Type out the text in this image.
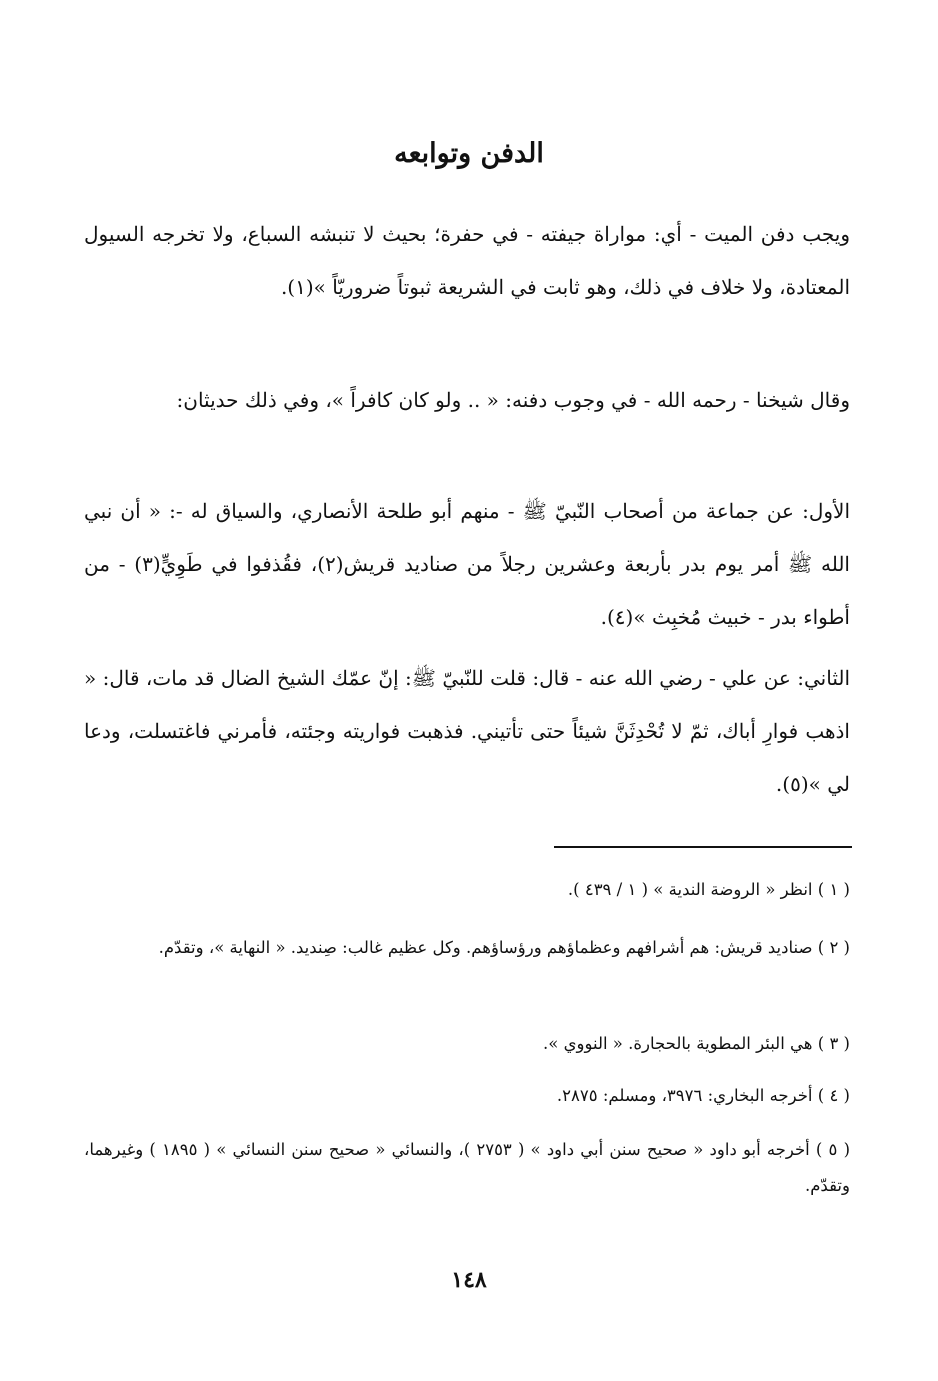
الدفن وتوابعه

ويجب دفن الميت - أي: مواراة جيفته - في حفرة؛ بحيث لا تنبشه السباع، ولا تخرجه السيول المعتادة، ولا خلاف في ذلك، وهو ثابت في الشريعة ثبوتاً ضروريّاً »(١).

وقال شيخنا - رحمه الله - في وجوب دفنه: « .. ولو كان كافراً »، وفي ذلك حديثان:

الأول: عن جماعة من أصحاب النّبيّ ﷺ - منهم أبو طلحة الأنصاري، والسياق له -: « أن نبي الله ﷺ أمر يوم بدر بأربعة وعشرين رجلاً من صناديد قريش(٢)، فقُذفوا في طَوِيٍّ(٣) - من أطواء بدر - خبيث مُخبِث »(٤).

الثاني: عن علي - رضي الله عنه - قال: قلت للنّبيّ ﷺ: إنّ عمّك الشيخ الضال قد مات، قال: « اذهب فوارِ أباك، ثمّ لا تُحْدِثَنَّ شيئاً حتى تأتيني. فذهبت فواريته وجئته، فأمرني فاغتسلت، ودعا لي »(٥).

( ١ ) انظر « الروضة الندية » ( ١ / ٤٣٩ ).

( ٢ ) صناديد قريش: هم أشرافهم وعظماؤهم ورؤساؤهم. وكل عظيم غالب: صِنديد. « النهاية »، وتقدّم.

( ٣ ) هي البئر المطوية بالحجارة. « النووي ».

( ٤ ) أخرجه البخاري: ٣٩٧٦، ومسلم: ٢٨٧٥.

( ٥ ) أخرجه أبو داود « صحيح سنن أبي داود » ( ٢٧٥٣ )، والنسائي « صحيح سنن النسائي » ( ١٨٩٥ ) وغيرهما، وتقدّم.

١٤٨
